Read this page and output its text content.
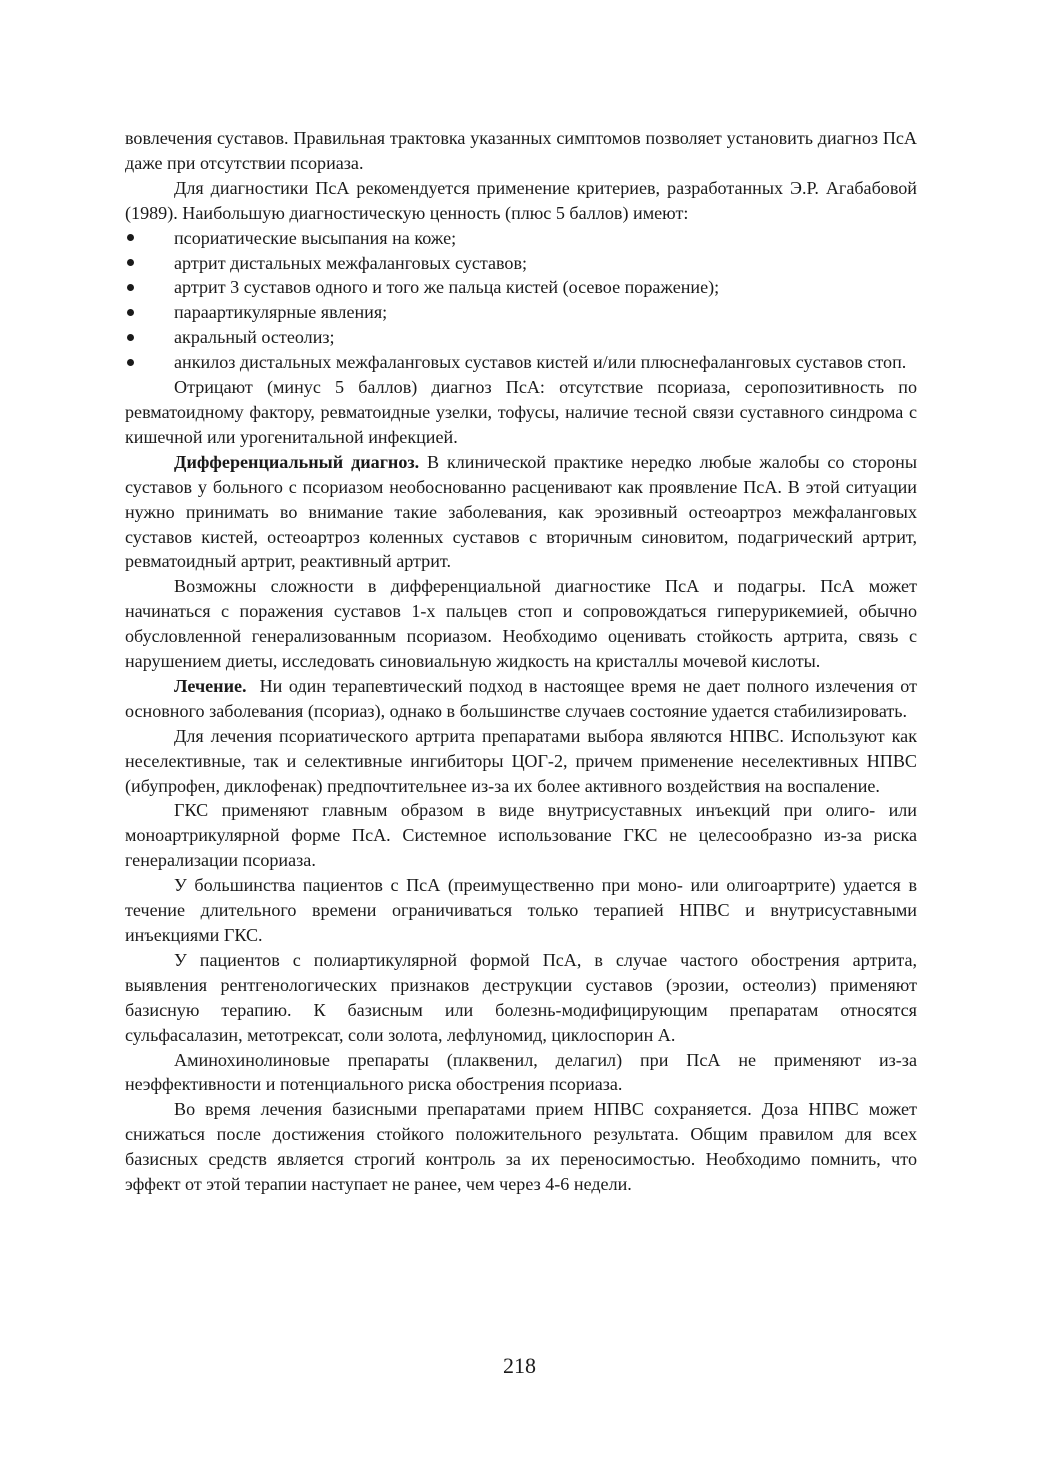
вовлечения суставов. Правильная трактовка указанных симптомов позволяет установить диагноз ПсА даже при отсутствии псориаза.

Для диагностики ПсА рекомендуется применение критериев, разработанных Э.Р. Агабабовой (1989). Наибольшую диагностическую ценность (плюс 5 баллов) имеют:

псориатические высыпания на коже;
артрит дистальных межфаланговых суставов;
артрит 3 суставов одного и того же пальца кистей (осевое поражение);
параартикулярные явления;
акральный остеолиз;
анкилоз дистальных межфаланговых суставов кистей и/или плюснефаланговых суставов стоп.

Отрицают (минус 5 баллов) диагноз ПсА: отсутствие псориаза, серопозитивность по ревматоидному фактору, ревматоидные узелки, тофусы, наличие тесной связи суставного синдрома с кишечной или урогенитальной инфекцией.

Дифференциальный диагноз. В клинической практике нередко любые жалобы со стороны суставов у больного с псориазом необоснованно расценивают как проявление ПсА. В этой ситуации нужно принимать во внимание такие заболевания, как эрозивный остеоартроз межфаланговых суставов кистей, остеоартроз коленных суставов с вторичным синовитом, подагрический артрит, ревматоидный артрит, реактивный артрит.

Возможны сложности в дифференциальной диагностике ПсА и подагры. ПсА может начинаться с поражения суставов 1-х пальцев стоп и сопровождаться гиперурикемией, обычно обусловленной генерализованным псориазом. Необходимо оценивать стойкость артрита, связь с нарушением диеты, исследовать синовиальную жидкость на кристаллы мочевой кислоты.

Лечение.  Ни один терапевтический подход в настоящее время не дает полного излечения от основного заболевания (псориаз), однако в большинстве случаев состояние удается стабилизировать.

Для лечения псориатического артрита препаратами выбора являются НПВС. Используют как неселективные, так и селективные ингибиторы ЦОГ-2, причем применение неселективных НПВС (ибупрофен, диклофенак) предпочтительнее из-за их более активного воздействия на воспаление.

ГКС применяют главным образом в виде внутрисуставных инъекций при олиго- или моноартрикулярной форме ПсА. Системное использование ГКС не целесообразно из-за риска генерализации псориаза.

У большинства пациентов с ПсА (преимущественно при моно- или олигоартрите) удается в течение длительного времени ограничиваться только терапией НПВС и внутрисуставными инъекциями ГКС.

У пациентов с полиартикулярной формой ПсА, в случае частого обострения артрита, выявления рентгенологических признаков деструкции суставов (эрозии, остеолиз) применяют базисную терапию. К базисным или болезнь-модифицирующим препаратам относятся сульфасалазин, метотрексат, соли золота, лефлуномид, циклоспорин А.

Аминохинолиновые препараты (плаквенил, делагил) при ПсА не применяют из-за неэффективности и потенциального риска обострения псориаза.

Во время лечения базисными препаратами прием НПВС сохраняется. Доза НПВС может снижаться после достижения стойкого положительного результата. Общим правилом для всех базисных средств является строгий контроль за их переносимостью. Необходимо помнить, что эффект от этой терапии наступает не ранее, чем через 4-6 недели.

218
